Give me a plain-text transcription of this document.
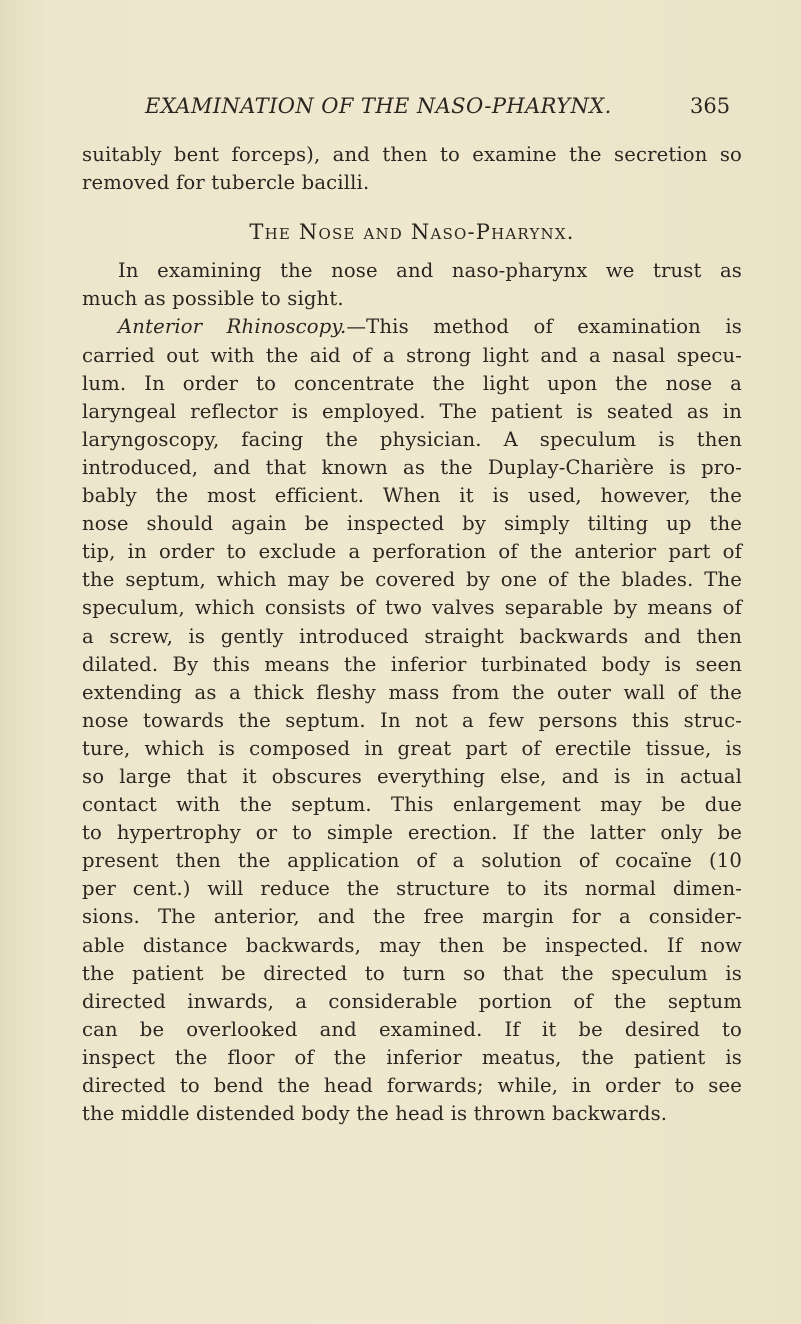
EXAMINATION OF THE NASO-PHARYNX.	365
suitably bent forceps), and then to examine the secretion so
removed for tubercle bacilli.
The Nose and Naso-Pharynx.
In examining the nose and naso-pharynx we trust as
much as possible to sight.
Anterior Rhinoscopy.—This method of examination is
carried out with the aid of a strong light and a nasal specu-
lum. In order to concentrate the light upon the nose a
laryngeal reflector is employed. The patient is seated as in
laryngoscopy, facing the physician. A speculum is then
introduced, and that known as the Duplay-Charière is pro-
bably the most efficient. When it is used, however, the
nose should again be inspected by simply tilting up the
tip, in order to exclude a perforation of the anterior part of
the septum, which may be covered by one of the blades. The
speculum, which consists of two valves separable by means of
a screw, is gently introduced straight backwards and then
dilated. By this means the inferior turbinated body is seen
extending as a thick fleshy mass from the outer wall of the
nose towards the septum. In not a few persons this struc-
ture, which is composed in great part of erectile tissue, is
so large that it obscures everything else, and is in actual
contact with the septum. This enlargement may be due
to hypertrophy or to simple erection. If the latter only be
present then the application of a solution of cocaïne (10
per cent.) will reduce the structure to its normal dimen-
sions. The anterior, and the free margin for a consider-
able distance backwards, may then be inspected. If now
the patient be directed to turn so that the speculum is
directed inwards, a considerable portion of the septum
can be overlooked and examined. If it be desired to
inspect the floor of the inferior meatus, the patient is
directed to bend the head forwards; while, in order to see
the middle distended body the head is thrown backwards.
